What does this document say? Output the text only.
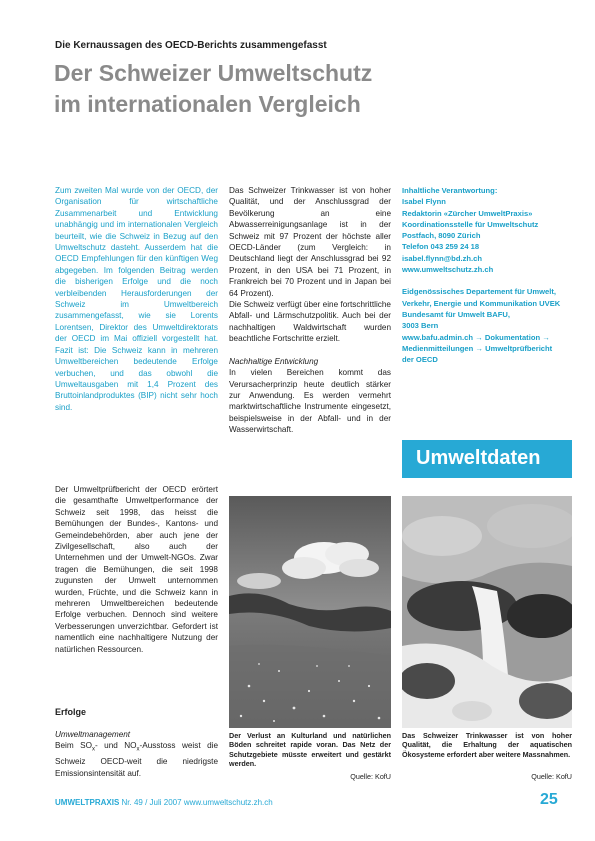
Die Kernaussagen des OECD-Berichts zusammengefasst
Der Schweizer Umweltschutz
im internationalen Vergleich

Zum zweiten Mal wurde von der OECD, der Organisation für wirtschaftliche Zusammenarbeit und Entwicklung unabhängig und im internationalen Vergleich beurteilt, wie die Schweiz in Bezug auf den Umweltschutz dasteht. Ausserdem hat die OECD Empfehlungen für den künftigen Weg abgegeben. Im folgenden Beitrag werden die bisherigen Erfolge und die noch verbleibenden Herausforderungen der Schweiz im Umweltbereich zusammengefasst, wie sie Lorents Lorentsen, Direktor des Umweltdirektorats der OECD im Mai offiziell vorgestellt hat. Fazit ist: Die Schweiz kann in mehreren Umweltbereichen bedeutende Erfolge verbuchen, und das obwohl die Umweltausgaben mit 1,4 Prozent des Bruttoinlandproduktes (BIP) nicht sehr hoch sind.

Der Umweltprüfbericht der OECD erörtert die gesamthafte Umweltperformance der Schweiz seit 1998, das heisst die Bemühungen der Bundes-, Kantons- und Gemeindebehörden, aber auch jene der Zivilgesellschaft, also auch der Unternehmen und der Umwelt-NGOs. Zwar tragen die Bemühungen, die seit 1998 zugunsten der Umwelt unternommen wurden, Früchte, und die Schweiz kann in mehreren Umweltbereichen bedeutende Erfolge verbuchen. Dennoch sind weitere Verbesserungen unverzichtbar. Gefordert ist namentlich eine nachhaltigere Nutzung der natürlichen Ressourcen.

Erfolge
Umweltmanagement
Beim $SO_x-$ und $NO_x$-Ausstoss weist die Schweiz OECD-weit die niedrigste Emissionsintensität auf.
Das Schweizer Trinkwasser ist von hoher Qualität, und der Anschlussgrad der Bevölkerung an eine Abwasserreinigungsanlage ist in der Schweiz mit 97 Prozent der höchste aller OECD-Länder (zum Vergleich: in Deutschland liegt der Anschlussgrad bei 92 Prozent, in den USA bei 71 Prozent, in Frankreich bei 70 Prozent und in Japan bei 64 Prozent).
Die Schweiz verfügt über eine fortschrittliche Abfall- und Lärmschutzpolitik. Auch bei der nachhaltigen Waldwirtschaft wurden beachtliche Fortschritte erzielt.
Nachhaltige Entwicklung
In vielen Bereichen kommt das Verursacherprinzip heute deutlich stärker zur Anwendung. Es werden vermehrt marktwirtschaftliche Instrumente eingesetzt, beispielsweise in der Abfall- und in der Wasserwirtschaft.

Inhaltliche Verantwortung:

Isabel Flynn

Redaktorin «Zürcher UmweltPraxis»

Koordinationsstelle für Umweltschutz

Postfach, 8090 Zürich

Telefon 043 259 24 18

isabel.flynn@bd.zh.ch

www.umweltschutz.zh.ch

Eidgenössisches Departement für Umwelt,

Verkehr, Energie und Kommunikation UVEK

Bundesamt für Umwelt BAFU,

3003 Bern

www.bafu.admin.ch → Dokumentation →

Medienmitteilungen → Umweltprüfbericht

der OECD

Umweltdaten

Der Verlust an Kulturland und natürlichen Böden schreitet rapide voran. Das Netz der Schutzgebiete müsste erweitert und gestärkt werden.

Quelle: KofU

Das Schweizer Trinkwasser ist von hoher Qualität, die Erhaltung der aquatischen Ökosysteme erfordert aber weitere Massnahmen.

Quelle: KofU
UMWELTPRAXIS Nr. 49 / Juli 2007 www.umweltschutz.zh.ch	25
